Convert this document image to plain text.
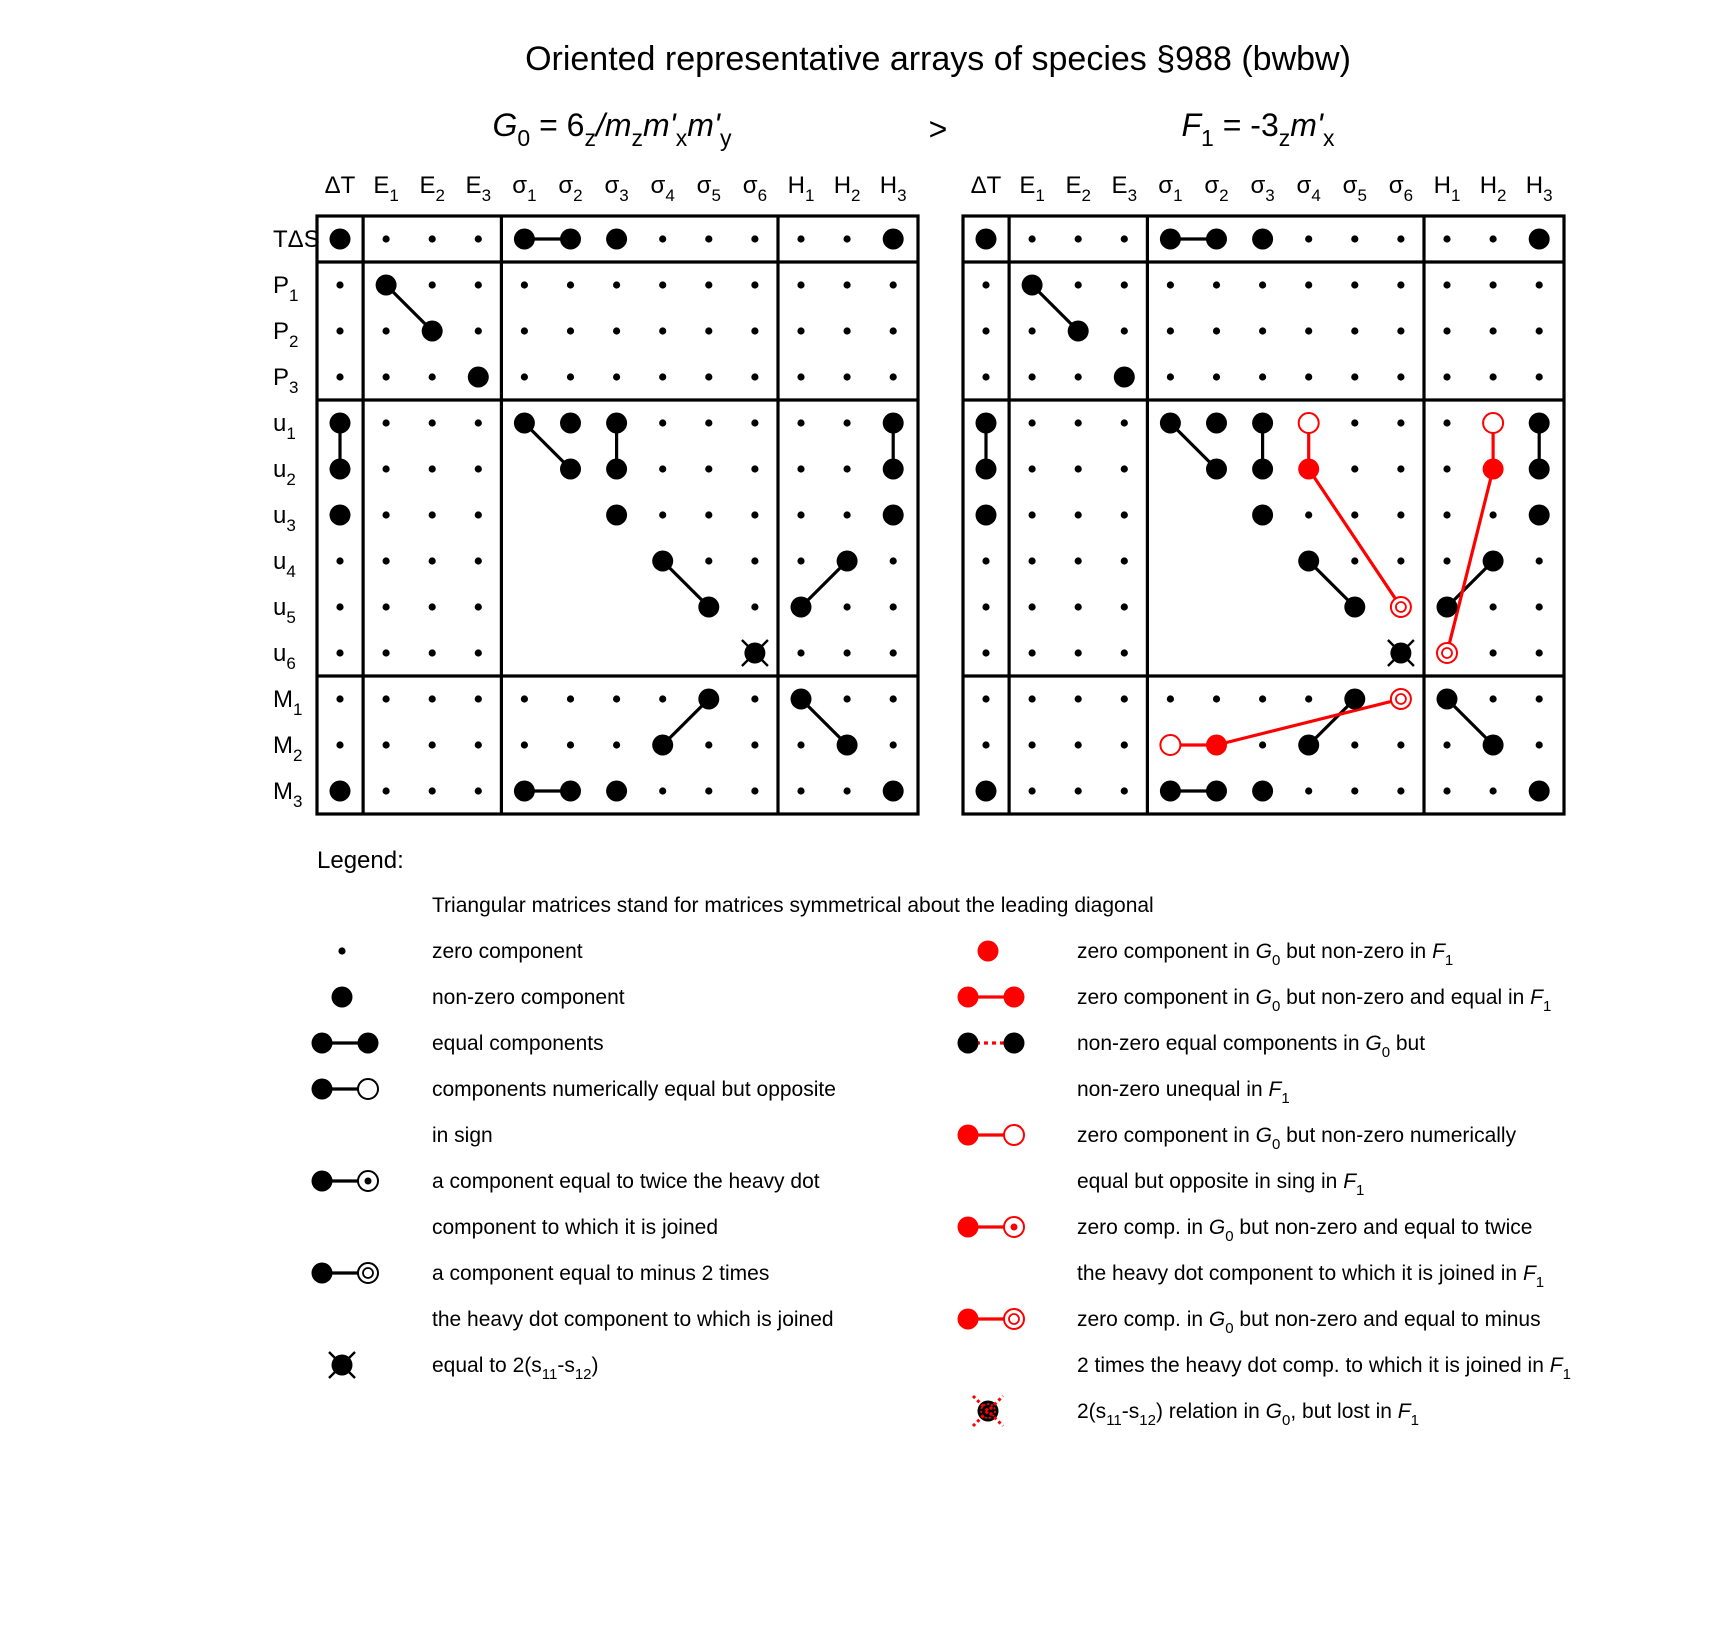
Oriented representative arrays of species §988 (bwbw)
>
$G_0 = 6_z/m_zm'_xm'_y$	$F_1 = -3_zm'_x$
ΔT $E_1$ $E_2$ $E_3$ $\sigma_1$ $\sigma_2$ $\sigma_3$ $\sigma_4$ $\sigma_5$ $\sigma_6$ $H_1$ $H_2$ $H_3$	ΔT $E_1$ $E_2$ $E_3$ $\sigma_1$ $\sigma_2$ $\sigma_3$ $\sigma_4$ $\sigma_5$ $\sigma_6$ $H_1$ $H_2$ $H_3$
TΔS
$P_1$
$P_2$
$P_3$
$u_1$
$u_2$
$u_3$
$u_4$
$u_5$
$u_6$
$M_1$
$M_2$
$M_3$
Legend:
Triangular matrices stand for matrices symmetrical about the leading diagonal
zero component
non-zero component
equal components
components numerically equal but opposite
in sign
a component equal to twice the heavy dot
component to which it is joined
a component equal to minus 2 times
the heavy dot component to which is joined
equal to $2(s_{11}-s_{12})$
zero component in $G_0$ but non-zero in $F_1$
zero component in $G_0$ but non-zero and equal in $F_1$
non-zero equal components in $G_0$ but
non-zero unequal in $F_1$
zero component in $G_0$ but non-zero numerically
equal but opposite in sing in $F_1$
zero comp. in $G_0$ but non-zero and equal to twice
the heavy dot component to which it is joined in $F_1$
zero comp. in $G_0$ but non-zero and equal to minus
2 times the heavy dot comp. to which it is joined in $F_1$
$2(s_{11}-s_{12})$ relation in $G_0$, but lost in $F_1$
